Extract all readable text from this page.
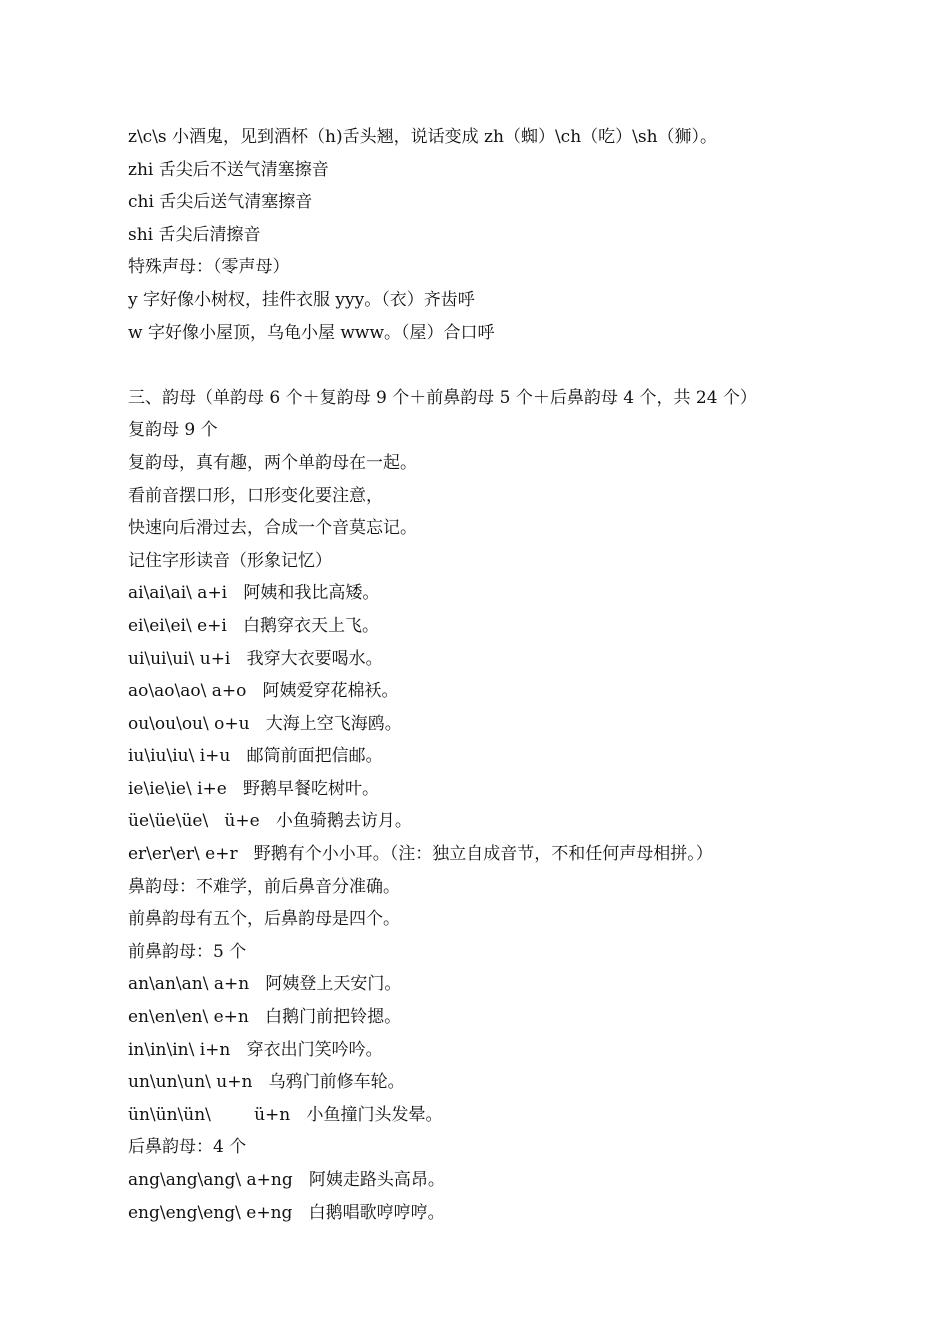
z\c\s 小酒鬼，见到酒杯（h)舌头翘，说话变成 zh（蜘）\ch（吃）\sh（狮）。
zhi 舌尖后不送气清塞擦音
chi 舌尖后送气清塞擦音
shi 舌尖后清擦音
特殊声母：（零声母）
y 字好像小树杈，挂件衣服 yyy。（衣）齐齿呼
w 字好像小屋顶，乌龟小屋 www。（屋）合口呼
三、韵母（单韵母 6 个＋复韵母 9 个＋前鼻韵母 5 个＋后鼻韵母 4 个，共 24 个）
复韵母 9 个
复韵母，真有趣，两个单韵母在一起。
看前音摆口形，口形变化要注意，
快速向后滑过去，合成一个音莫忘记。
记住字形读音（形象记忆）
ai\ai\ai\ a+i   阿姨和我比高矮。
ei\ei\ei\ e+i   白鹅穿衣天上飞。
ui\ui\ui\ u+i   我穿大衣要喝水。
ao\ao\ao\ a+o   阿姨爱穿花棉袄。
ou\ou\ou\ o+u   大海上空飞海鸥。
iu\iu\iu\ i+u   邮筒前面把信邮。
ie\ie\ie\ i+e   野鹅早餐吃树叶。
üe\üe\üe\   ü+e   小鱼骑鹅去访月。
er\er\er\ e+r   野鹅有个小小耳。（注：独立自成音节，不和任何声母相拼。）
鼻韵母：不难学，前后鼻音分准确。
前鼻韵母有五个，后鼻韵母是四个。
前鼻韵母：5 个
an\an\an\ a+n   阿姨登上天安门。
en\en\en\ e+n   白鹅门前把铃摁。
in\in\in\ i+n   穿衣出门笑吟吟。
un\un\un\ u+n   乌鸦门前修车轮。
ün\ün\ün\        ü+n   小鱼撞门头发晕。
后鼻韵母：4 个
ang\ang\ang\ a+ng   阿姨走路头高昂。
eng\eng\eng\ e+ng   白鹅唱歌哼哼哼。
